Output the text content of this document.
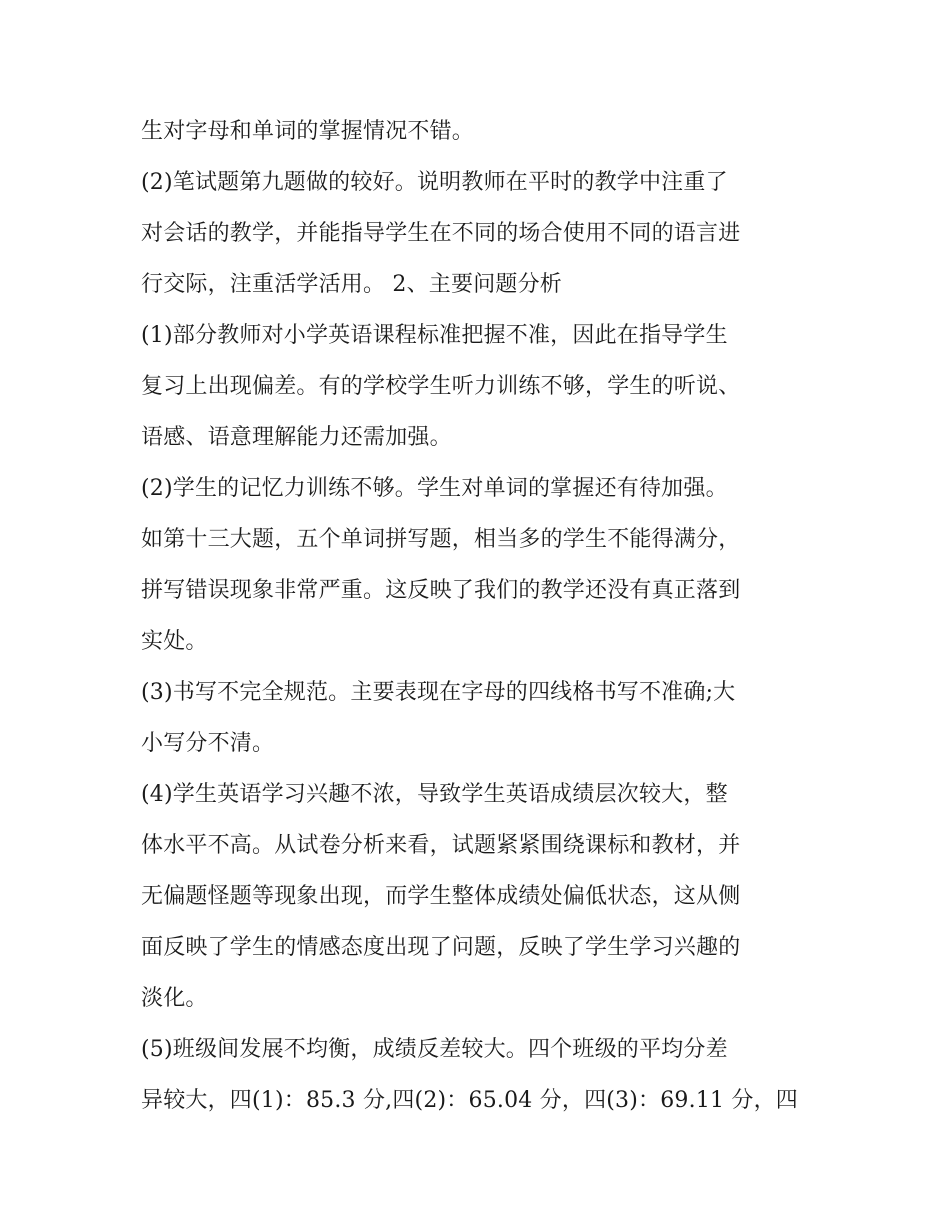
生对字母和单词的掌握情况不错。
(2)笔试题第九题做的较好。说明教师在平时的教学中注重了
对会话的教学，并能指导学生在不同的场合使用不同的语言进
行交际，注重活学活用。 2、主要问题分析
(1)部分教师对小学英语课程标准把握不准，因此在指导学生
复习上出现偏差。有的学校学生听力训练不够，学生的听说、
语感、语意理解能力还需加强。
(2)学生的记忆力训练不够。学生对单词的掌握还有待加强。
如第十三大题，五个单词拼写题，相当多的学生不能得满分，
拼写错误现象非常严重。这反映了我们的教学还没有真正落到
实处。
(3)书写不完全规范。主要表现在字母的四线格书写不准确;大
小写分不清。
(4)学生英语学习兴趣不浓，导致学生英语成绩层次较大，整
体水平不高。从试卷分析来看，试题紧紧围绕课标和教材，并
无偏题怪题等现象出现，而学生整体成绩处偏低状态，这从侧
面反映了学生的情感态度出现了问题，反映了学生学习兴趣的
淡化。
(5)班级间发展不均衡，成绩反差较大。四个班级的平均分差
异较大，四(1)：85.3 分,四(2)：65.04 分，四(3)：69.11 分，四
